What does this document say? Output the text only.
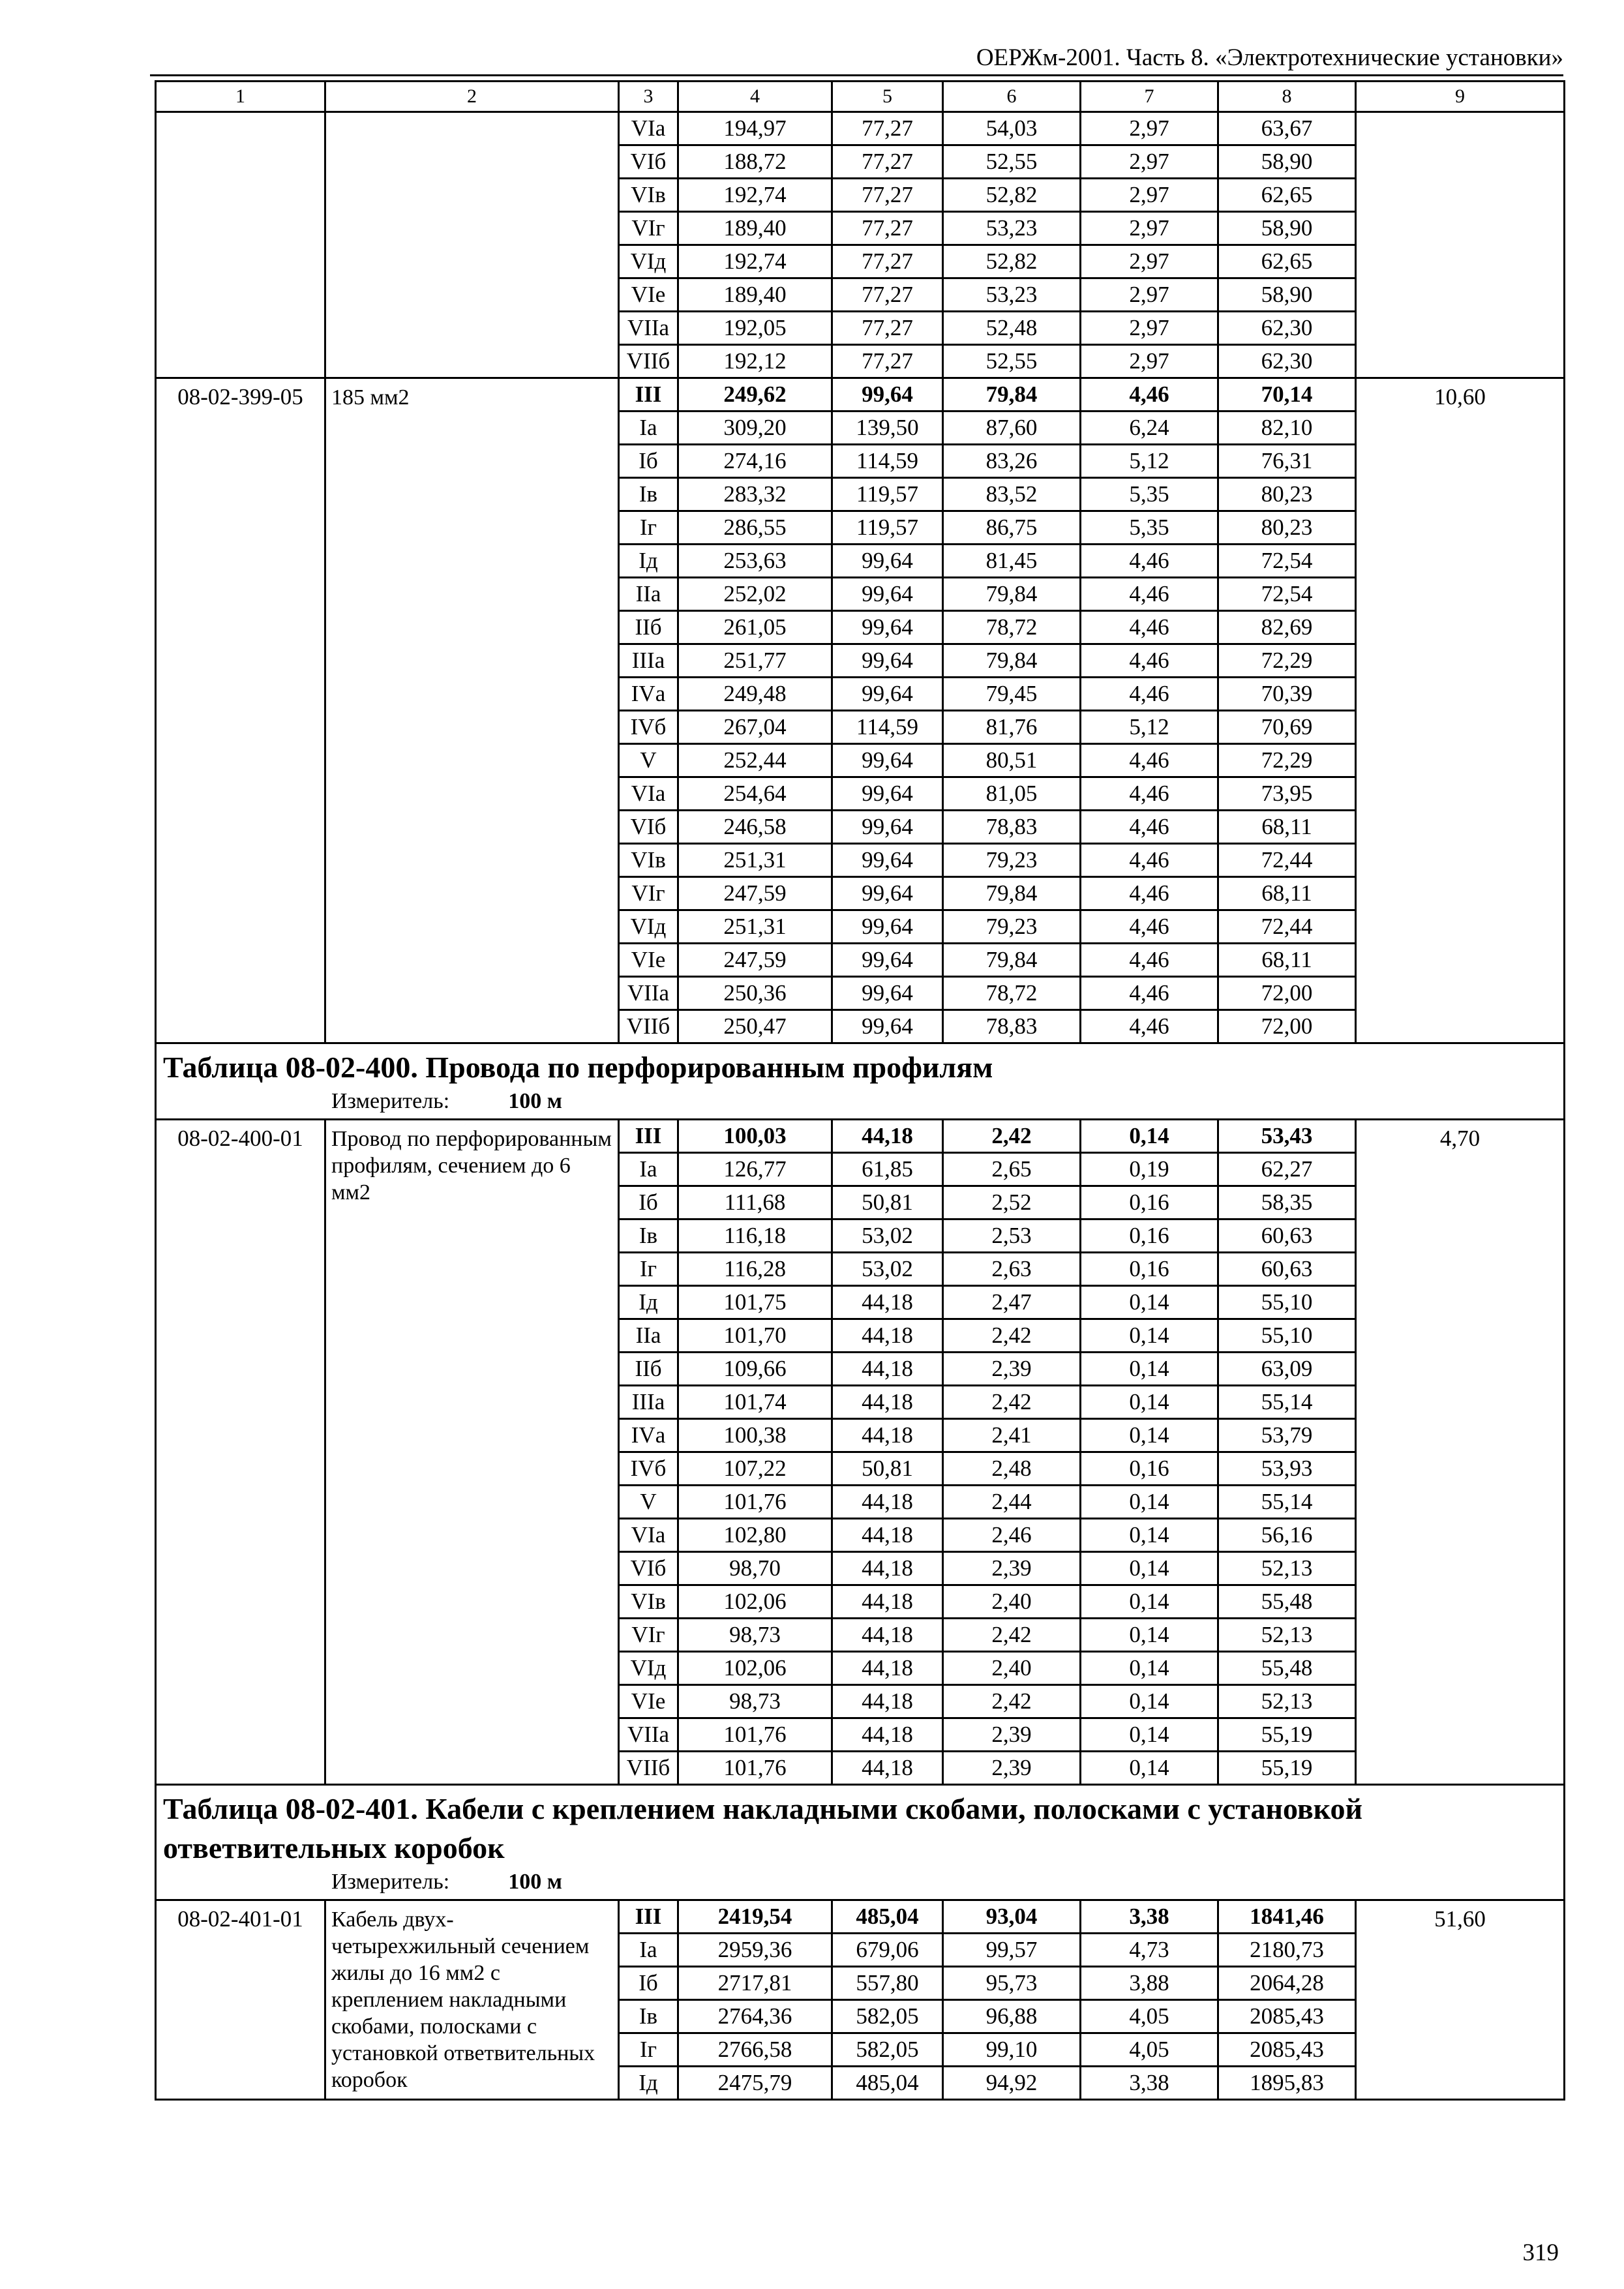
ОЕРЖм-2001. Часть 8. «Электротехнические установки»
1	2	3	4	5	6	7	8	9
		VIа	194,97	77,27	54,03	2,97	63,67	
		VIб	188,72	77,27	52,55	2,97	58,90	
		VIв	192,74	77,27	52,82	2,97	62,65	
		VIг	189,40	77,27	53,23	2,97	58,90	
		VIд	192,74	77,27	52,82	2,97	62,65	
		VIе	189,40	77,27	53,23	2,97	58,90	
		VIIа	192,05	77,27	52,48	2,97	62,30	
		VIIб	192,12	77,27	52,55	2,97	62,30	
08-02-399-05	185 мм2	III	249,62	99,64	79,84	4,46	70,14	10,60
		Iа	309,20	139,50	87,60	6,24	82,10	
		Iб	274,16	114,59	83,26	5,12	76,31	
		Iв	283,32	119,57	83,52	5,35	80,23	
		Iг	286,55	119,57	86,75	5,35	80,23	
		Iд	253,63	99,64	81,45	4,46	72,54	
		IIа	252,02	99,64	79,84	4,46	72,54	
		IIб	261,05	99,64	78,72	4,46	82,69	
		IIIа	251,77	99,64	79,84	4,46	72,29	
		IVа	249,48	99,64	79,45	4,46	70,39	
		IVб	267,04	114,59	81,76	5,12	70,69	
		V	252,44	99,64	80,51	4,46	72,29	
		VIа	254,64	99,64	81,05	4,46	73,95	
		VIб	246,58	99,64	78,83	4,46	68,11	
		VIв	251,31	99,64	79,23	4,46	72,44	
		VIг	247,59	99,64	79,84	4,46	68,11	
		VIд	251,31	99,64	79,23	4,46	72,44	
		VIе	247,59	99,64	79,84	4,46	68,11	
		VIIа	250,36	99,64	78,72	4,46	72,00	
		VIIб	250,47	99,64	78,83	4,46	72,00	

Таблица 08-02-400. Провода по перфорированным профилям
Измеритель: 100 м								

08-02-400-01	Провод по перфорированным профилям, сечением до 6 мм2	III	100,03	44,18	2,42	0,14	53,43	4,70
		Iа	126,77	61,85	2,65	0,19	62,27	
		Iб	111,68	50,81	2,52	0,16	58,35	
		Iв	116,18	53,02	2,53	0,16	60,63	
		Iг	116,28	53,02	2,63	0,16	60,63	
		Iд	101,75	44,18	2,47	0,14	55,10	
		IIа	101,70	44,18	2,42	0,14	55,10	
		IIб	109,66	44,18	2,39	0,14	63,09	
		IIIа	101,74	44,18	2,42	0,14	55,14	
		IVа	100,38	44,18	2,41	0,14	53,79	
		IVб	107,22	50,81	2,48	0,16	53,93	
		V	101,76	44,18	2,44	0,14	55,14	
		VIа	102,80	44,18	2,46	0,14	56,16	
		VIб	98,70	44,18	2,39	0,14	52,13	
		VIв	102,06	44,18	2,40	0,14	55,48	
		VIг	98,73	44,18	2,42	0,14	52,13	
		VIд	102,06	44,18	2,40	0,14	55,48	
		VIе	98,73	44,18	2,42	0,14	52,13	
		VIIа	101,76	44,18	2,39	0,14	55,19	
		VIIб	101,76	44,18	2,39	0,14	55,19	

Таблица 08-02-401. Кабели с креплением накладными скобами, полосками с установкой ответвительных коробок
Измеритель: 100 м								

08-02-401-01	Кабель двух-четырехжильный сечением жилы до 16 мм2 с креплением накладными скобами, полосками с установкой ответвительных коробок	III	2419,54	485,04	93,04	3,38	1841,46	51,60
		Iа	2959,36	679,06	99,57	4,73	2180,73	
		Iб	2717,81	557,80	95,73	3,88	2064,28	
		Iв	2764,36	582,05	96,88	4,05	2085,43	
		Iг	2766,58	582,05	99,10	4,05	2085,43	
		Iд	2475,79	485,04	94,92	3,38	1895,83	
319
